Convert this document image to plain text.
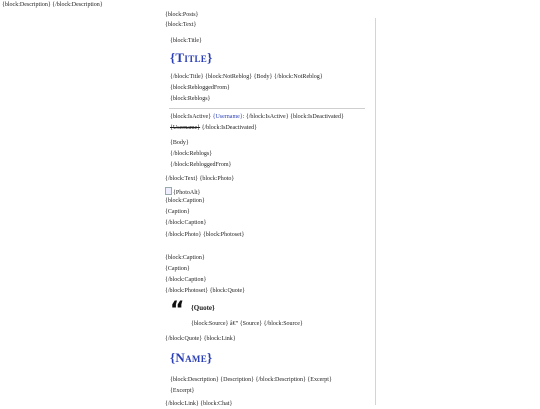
{block:Description} {/block:Description}
{block:Posts}
{block:Text}
{block:Title}
{Title}
{/block:Title} {block:NotReblog} {Body} {/block:NotReblog}
{block:RebloggedFrom}
{block:Reblogs}
{block:IsActive} {Username}: {/block:IsActive} {block:IsDeactivated}
{Username} {/block:IsDeactivated}
{Body}
{/block:Reblogs}
{/block:RebloggedFrom}
{/block:Text} {block:Photo}
{PhotoAlt}
{block:Caption}
{Caption}
{/block:Caption}
{/block:Photo} {block:Photoset}
{block:Caption}
{Caption}
{/block:Caption}
{/block:Photoset} {block:Quote}
“ {Quote}
{block:Source} â€” {Source} {/block:Source}
{/block:Quote} {block:Link}
{Name}
{block:Description} {Description} {/block:Description} {Excerpt}
{Excerpt}
{/block:Link} {block:Chat}
